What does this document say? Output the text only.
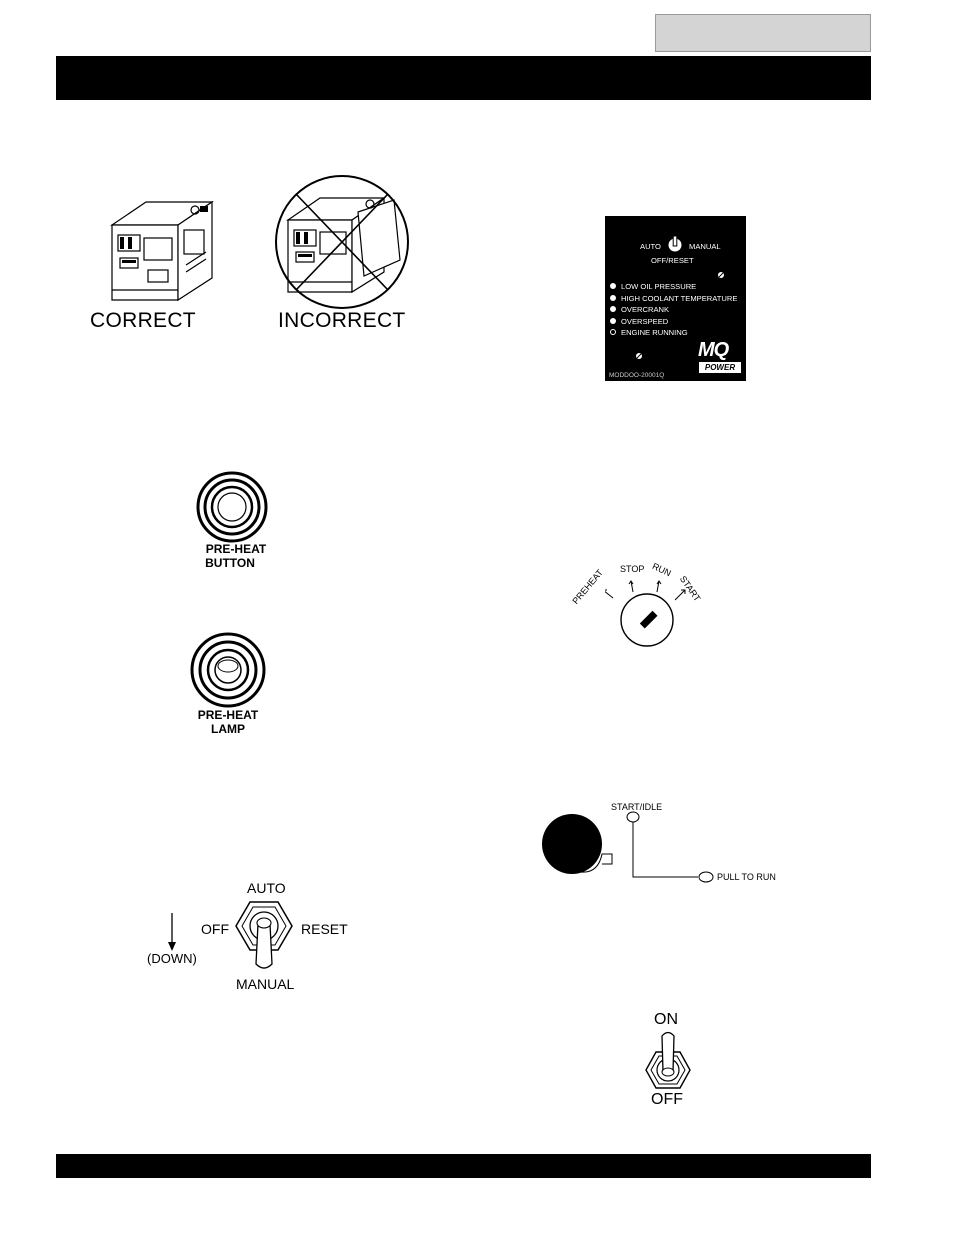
CORRECT	INCORRECT
AUTO	MANUAL
OFF/RESET
LOW OIL PRESSURE
HIGH COOLANT TEMPERATURE
OVERCRANK
OVERSPEED
ENGINE RUNNING
MQ
POWER
MODDOO-20001Q
PRE-HEAT
BUTTON
PRE-HEAT
LAMP
PREHEAT STOP RUN
START
START/IDLE
PULL TO RUN
AUTO
OFF	RESET
MANUAL
(DOWN)
ON
OFF
